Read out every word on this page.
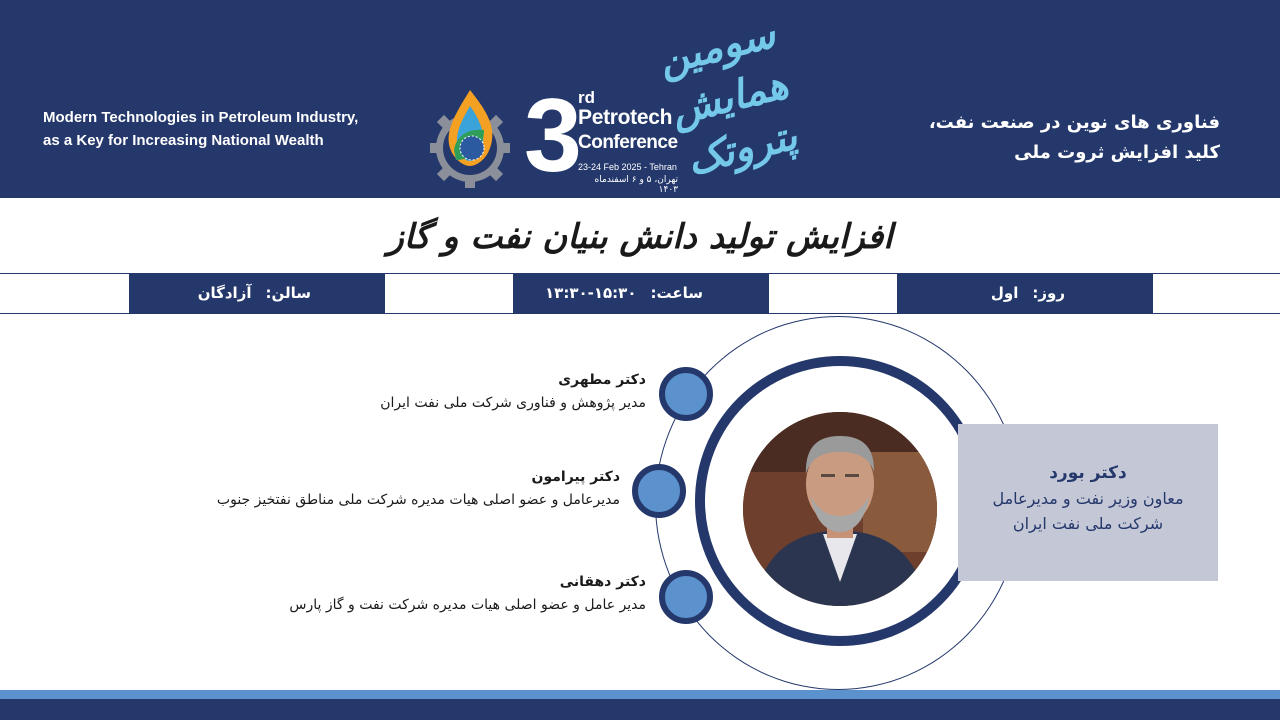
Modern Technologies in Petroleum Industry,
as a Key for Increasing National Wealth	3
rd
Petrotech
Conference
23-24 Feb 2025 - Tehran
تهران، ۵ و ۶ اسفندماه ۱۴۰۳
سومین همایش پتروتک	فناوری های نوین در صنعت نفت،
کلید افزایش ثروت ملی
افزایش تولید دانش بنیان نفت و گاز
روز:
اول
ساعت:
۱۳:۳۰-۱۵:۳۰
سالن:
آزادگان
دکتر مطهری
مدیر پژوهش و فناوری شرکت ملی نفت ایران
دکتر پیرامون
مدیرعامل و عضو اصلی هیات مدیره شرکت ملی مناطق نفتخیز جنوب
دکتر دهقانی
مدیر عامل و عضو اصلی هیات مدیره شرکت نفت و گاز پارس
دکتر بورد
معاون وزیر نفت و مدیرعامل
شرکت ملی نفت ایران
